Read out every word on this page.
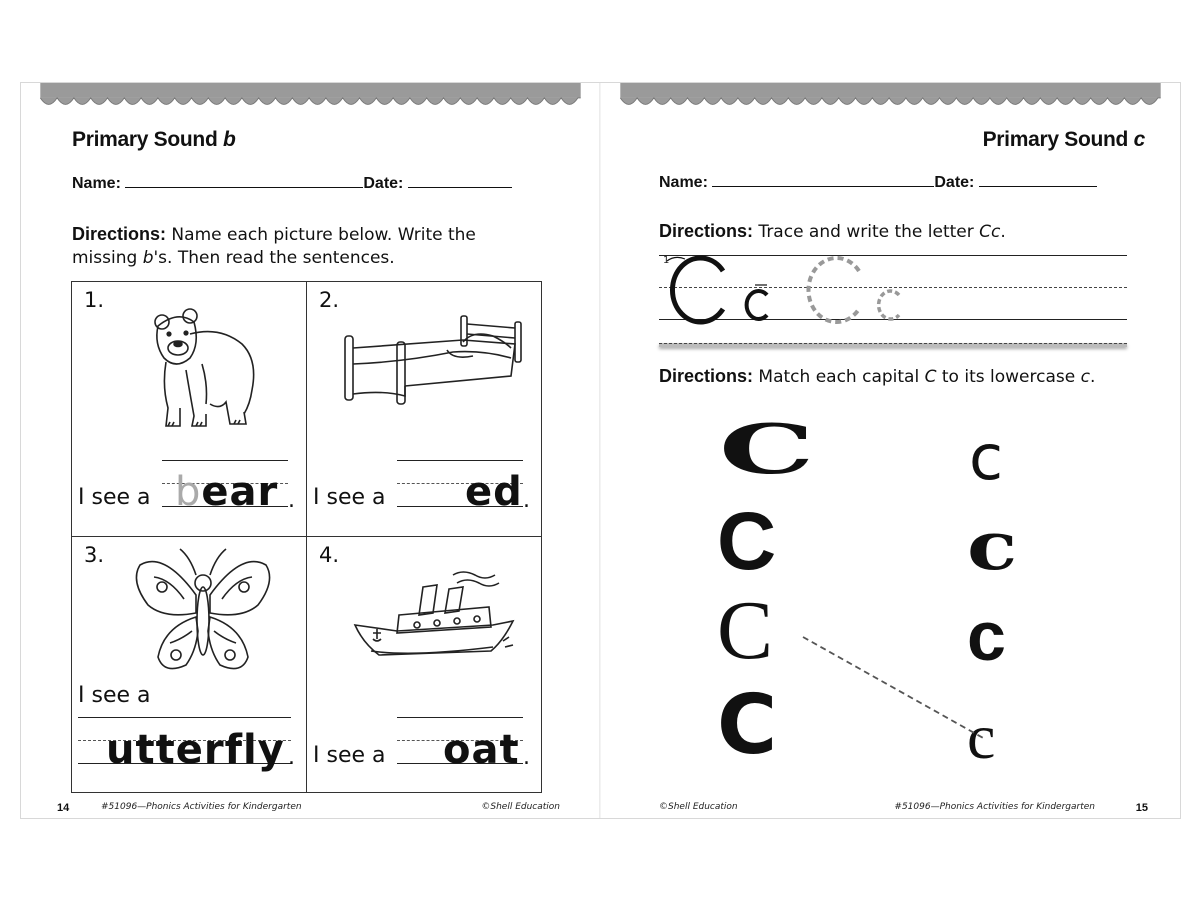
Primary Sound b
Name:	Date:
Directions: Name each picture below. Write the
missing b's. Then read the sentences.
1.
I see a bear .
2.
I see a ed .
3.
I see a
utterfly .
4.
I see a oat .
14	#51096—Phonics Activities for Kindergarten	©Shell Education
Primary Sound c
Name:	Date:
Directions: Trace and write the letter Cc.
1
Directions: Match each capital C to its lowercase c.
C
C
C
C
c
c
c
c
©Shell Education	#51096—Phonics Activities for Kindergarten	15
